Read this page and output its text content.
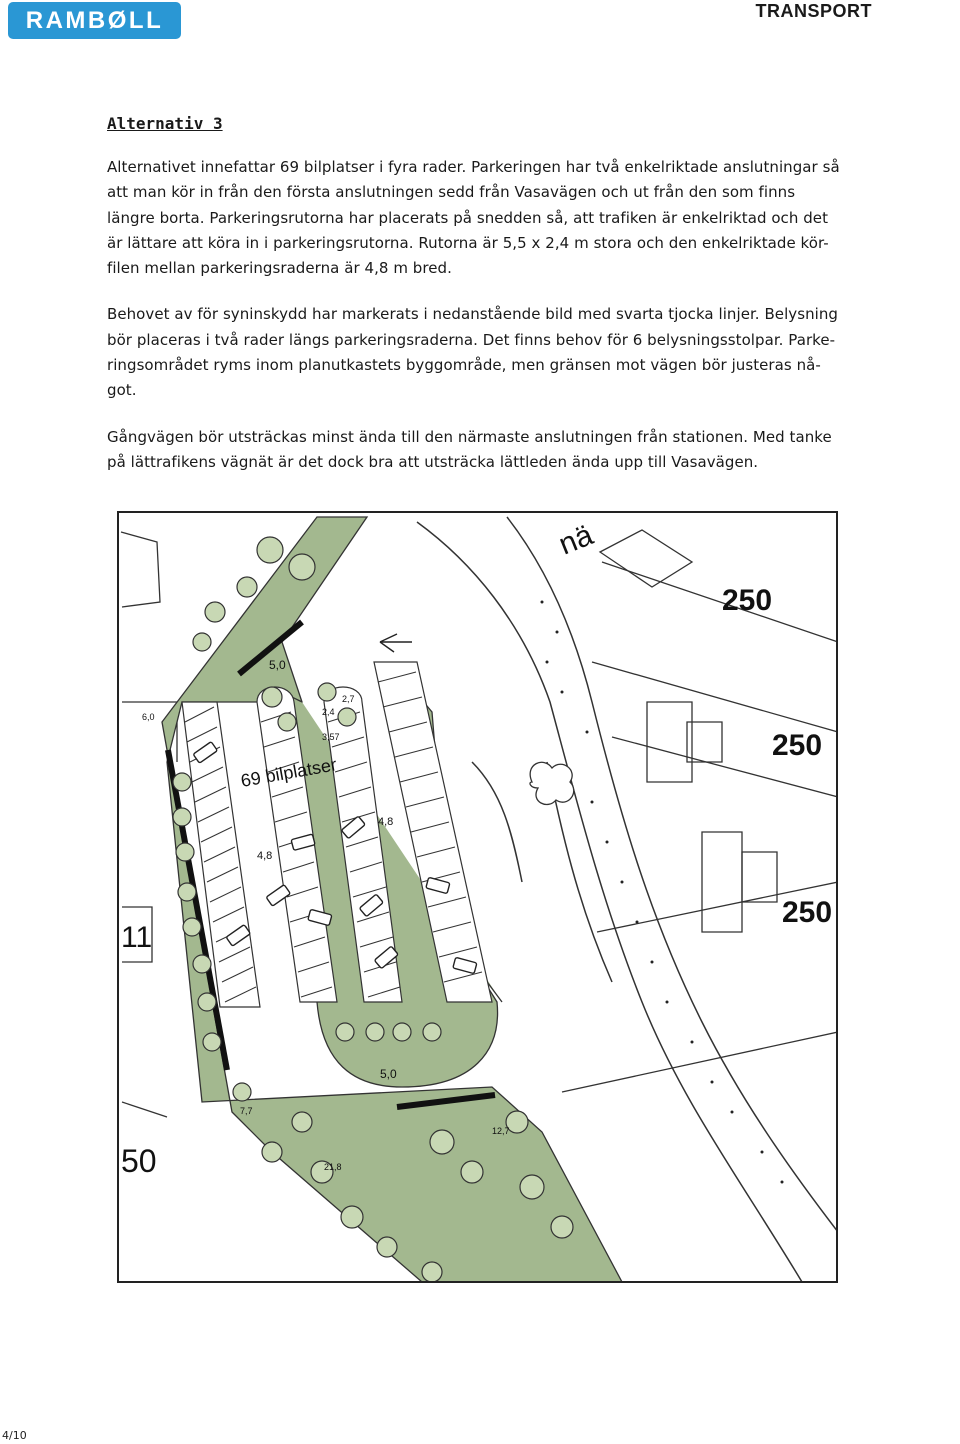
RAMBØLL	TRANSPORT
Alternativ 3
Alternativet innefattar 69 bilplatser i fyra rader. Parkeringen har två enkelriktade anslutningar så
att man kör in från den första anslutningen sedd från Vasavägen och ut från den som finns
längre borta. Parkeringsrutorna har placerats på snedden så, att trafiken är enkelriktad och det
är lättare att köra in i parkeringsrutorna. Rutorna är 5,5 x 2,4 m stora och den enkelriktade kör-
filen mellan parkeringsraderna är 4,8 m bred.
Behovet av för syninskydd har markerats i nedanstående bild med svarta tjocka linjer. Belysning
bör placeras i två rader längs parkeringsraderna. Det finns behov för 6 belysningsstolpar. Parke-
ringsområdet ryms inom planutkastets byggområde, men gränsen mot vägen bör justeras nå-
got.
Gångvägen bör utsträckas minst ända till den närmaste anslutningen från stationen. Med tanke
på lättrafikens vägnät är det dock bra att utsträcka lättleden ända upp till Vasavägen.
nä
250
250
250
11
50
69 bilplatser
5,0
5,0
4,8
4,8
6,0
2,7
2,4
3,57
7,7
21,8
12,7
4/10
